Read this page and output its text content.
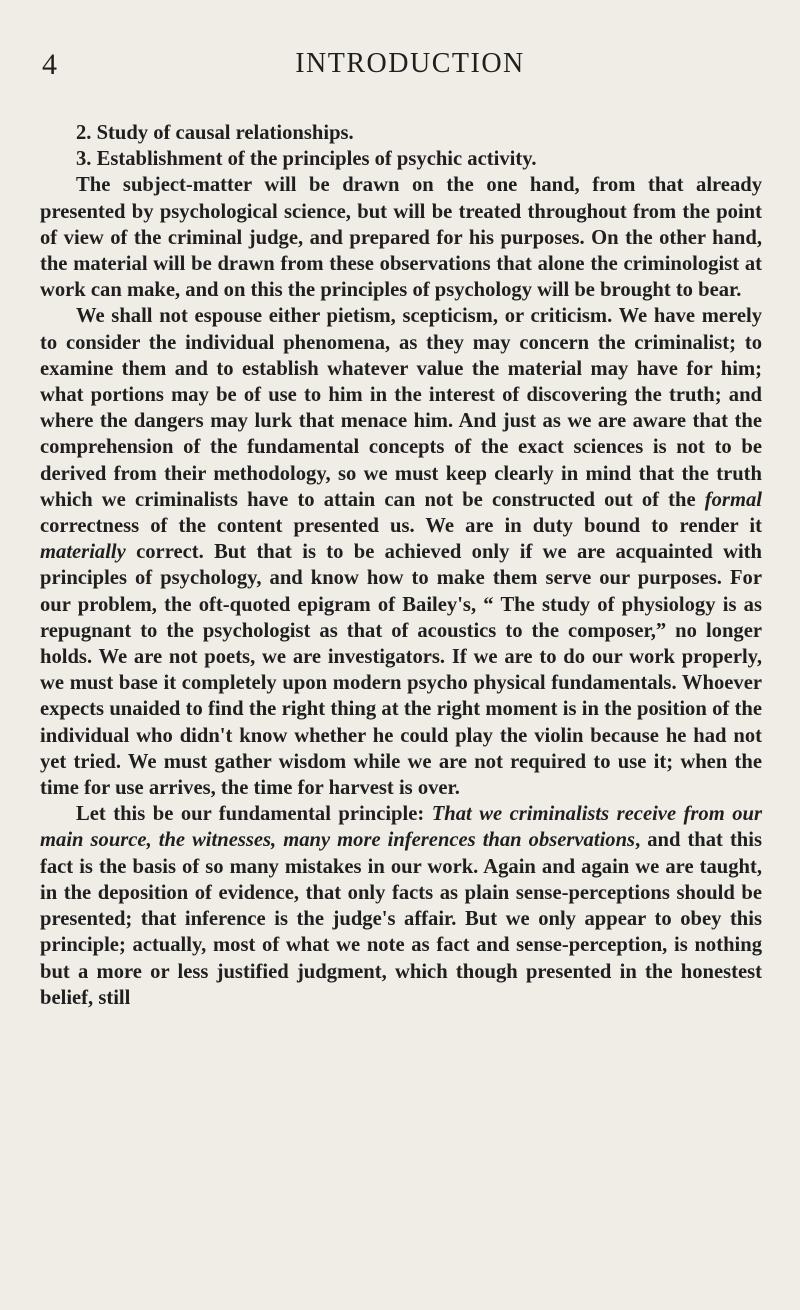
4	INTRODUCTION

2. Study of causal relationships.

3. Establishment of the principles of psychic activity.

The subject-matter will be drawn on the one hand, from that already presented by psychological science, but will be treated throughout from the point of view of the criminal judge, and prepared for his purposes. On the other hand, the material will be drawn from these observations that alone the criminologist at work can make, and on this the principles of psychology will be brought to bear.

We shall not espouse either pietism, scepticism, or criticism. We have merely to consider the individual phenomena, as they may concern the criminalist; to examine them and to establish whatever value the material may have for him; what portions may be of use to him in the interest of discovering the truth; and where the dangers may lurk that menace him. And just as we are aware that the comprehension of the fundamental concepts of the exact sciences is not to be derived from their methodology, so we must keep clearly in mind that the truth which we criminalists have to attain can not be constructed out of the formal correctness of the content presented us. We are in duty bound to render it materially correct. But that is to be achieved only if we are acquainted with principles of psychology, and know how to make them serve our purposes. For our problem, the oft-quoted epigram of Bailey's, “ The study of physiology is as repugnant to the psychologist as that of acoustics to the composer,” no longer holds. We are not poets, we are investigators. If we are to do our work properly, we must base it completely upon modern psycho physical fundamentals. Whoever expects unaided to find the right thing at the right moment is in the position of the individual who didn't know whether he could play the violin because he had not yet tried. We must gather wisdom while we are not required to use it; when the time for use arrives, the time for harvest is over.

Let this be our fundamental principle: That we criminalists receive from our main source, the witnesses, many more inferences than observations, and that this fact is the basis of so many mistakes in our work. Again and again we are taught, in the deposition of evidence, that only facts as plain sense-perceptions should be presented; that inference is the judge's affair. But we only appear to obey this principle; actually, most of what we note as fact and sense-perception, is nothing but a more or less justified judgment, which though presented in the honestest belief, still
